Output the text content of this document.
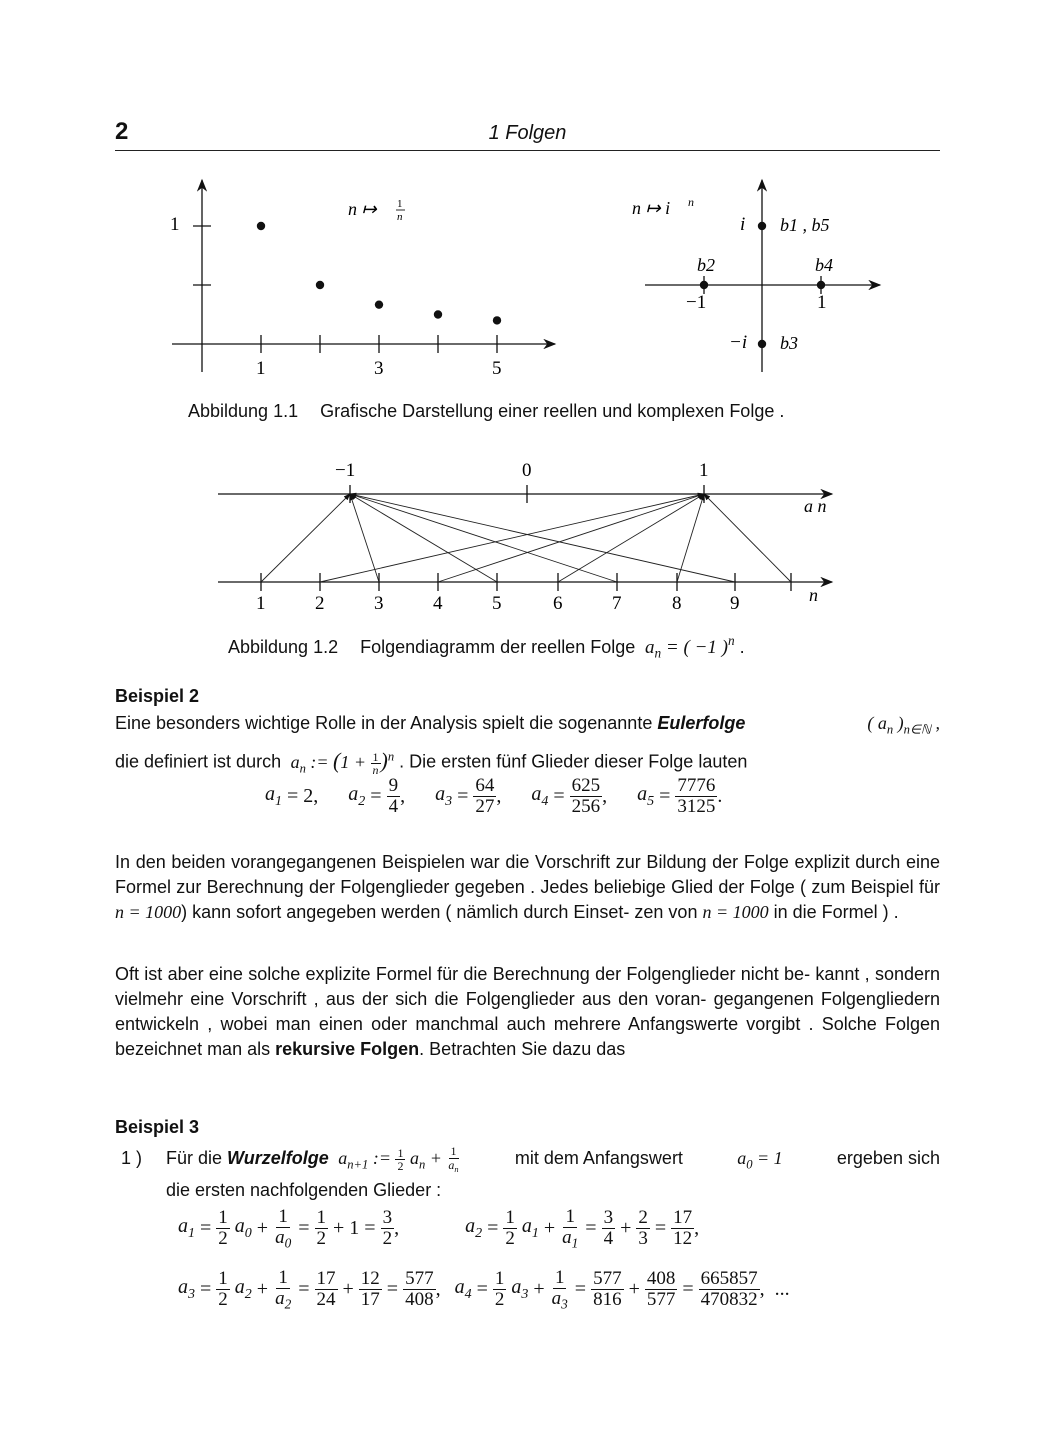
2	1 Folgen
1
1	3	5
n ↦ 1
n	n ↦ i n
i
−1	1
−i
b1 , b5
b2	b4
b3
Abbildung 1.1 Grafische Darstellung einer reellen und komplexen Folge .
−1	0	1
a n
n
1	2	3	4	5	6	7	8	9
Abbildung 1.2 Folgendiagramm der reellen Folge  $a_n$ = ( −1 )$^n$ .
Beispiel 2
Eine besonders wichtige Rolle in der Analysis spielt die sogenannte Eulerfolge	( $a_n$ )$_{n\in ℕ}$ ,
die definiert ist durch  $a_n$ := $(1 + \frac{1}{n} )^n$ . Die ersten fünf Glieder dieser Folge lauten
$a_1 = 2$ , $a_2 = \frac{9}{4}$ , $a_3 = \frac{64}{27}$ , $a_4 = \frac{625}{256}$ , $a_5 = \frac{7776}{3125}$ .
In den beiden vorangegangenen Beispielen war die Vorschrift zur Bildung der Folge explizit durch eine Formel zur Berechnung der Folgenglieder gegeben . Jedes beliebige Glied der Folge ( zum Beispiel für n = 1000) kann sofort angegeben werden ( nämlich durch Einset- zen von n = 1000 in die Formel ) .
Oft ist aber eine solche explizite Formel für die Berechnung der Folgenglieder nicht be- kannt , sondern vielmehr eine Vorschrift , aus der sich die Folgenglieder aus den voran- gegangenen Folgengliedern entwickeln , wobei man einen oder manchmal auch mehrere Anfangswerte vorgibt . Solche Folgen bezeichnet man als rekursive Folgen. Betrachten Sie dazu das
Beispiel 3
1 )	Für die Wurzelfolge  $a_{n+1}$ := $\frac{1}{2} a_n + \frac{1}{a_n}$	mit dem Anfangswert	$a_0 = 1$	ergeben sich
die ersten nachfolgenden Glieder :
$a_1 = \frac{1}{2}$
$a_0 + \frac{1}{a_0} = \frac{1}{2} + 1 = \frac{3}{2}$ ,	$a_2 = \frac{1}{2}$
$a_1 + \frac{1}{a_1} = \frac{3}{4} + \frac{2}{3} = \frac{17}{12}$ ,
$a_3 = \frac{1}{2}$
$a_2 + \frac{1}{a_2} = \frac{17}{24} + \frac{12}{17} = \frac{577}{408}$ , $a_4 = \frac{1}{2}$
$a_3 + \frac{1}{a_3} = \frac{577}{816} + \frac{408}{577} = \frac{665857}{470832}$ , ...
